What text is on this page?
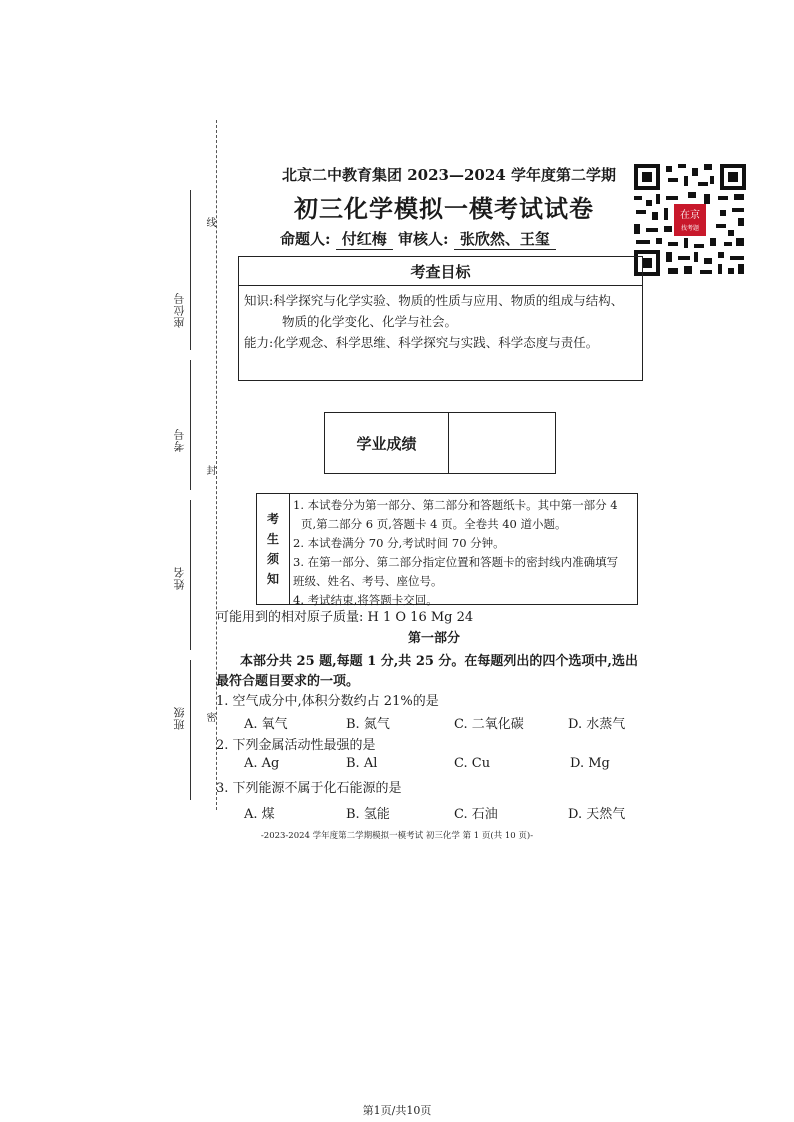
座位号
考号
姓名
班级
线
封
密
北京二中教育集团 2023—2024 学年度第二学期
初三化学模拟一模考试试卷
命题人: 付红梅 审核人: 张欣然、王玺
在京
找考题
考查目标
知识:科学探究与化学实验、物质的性质与应用、物质的组成与结构、
物质的化学变化、化学与社会。
能力:化学观念、科学思维、科学探究与实践、科学态度与责任。
学业成绩
考
生
须
知
1. 本试卷分为第一部分、第二部分和答题纸卡。其中第一部分 4
页,第二部分 6 页,答题卡 4 页。全卷共 40 道小题。
2. 本试卷满分 70 分,考试时间 70 分钟。
3. 在第一部分、第二部分指定位置和答题卡的密封线内准确填写
班级、姓名、考号、座位号。
4. 考试结束,将答题卡交回。
可能用到的相对原子质量: H 1 O 16 Mg 24
第一部分
本部分共 25 题,每题 1 分,共 25 分。在每题列出的四个选项中,选出
最符合题目要求的一项。
1. 空气成分中,体积分数约占 21%的是
A. 氧气	B. 氮气	C. 二氧化碳	D. 水蒸气
2. 下列金属活动性最强的是
A. Ag	B. Al	C. Cu	D. Mg
3. 下列能源不属于化石能源的是
A. 煤	B. 氢能	C. 石油	D. 天然气
-2023-2024 学年度第二学期模拟一模考试 初三化学 第 1 页(共 10 页)-
第1页/共10页
